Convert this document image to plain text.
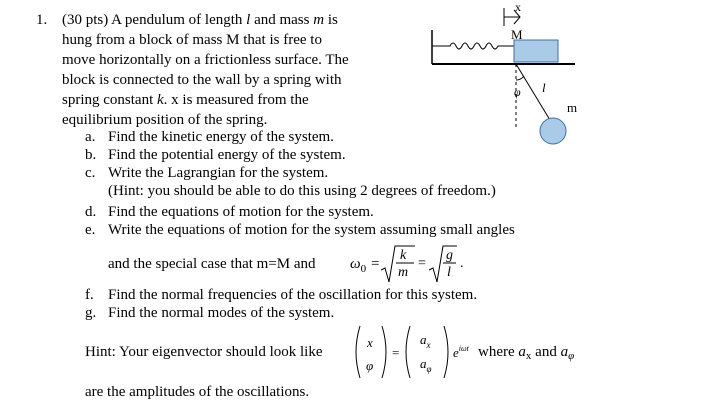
1. (30 pts) A pendulum of length l and mass m is
hung from a block of mass M that is free to
move horizontally on a frictionless surface. The
block is connected to the wall by a spring with
spring constant k. x is measured from the
equilibrium position of the spring.
a. Find the kinetic energy of the system.
b. Find the potential energy of the system.
c. Write the Lagrangian for the system.
(Hint: you should be able to do this using 2 degrees of freedom.)
d. Find the equations of motion for the system.
e. Write the equations of motion for the system assuming small angles
and the special case that m=M and $\omega_0$ =
k
m
=
g
l
.
f. Find the normal frequencies of the oscillation for this system.
g. Find the normal modes of the system.
Hint: Your eigenvector should look like
x
φ
=
$a_x$
$a_\varphi$
$e^{i\omega t}$ where $a_x$ and $a_\varphi$
are the amplitudes of the oscillations.
M
x
φ l
m
